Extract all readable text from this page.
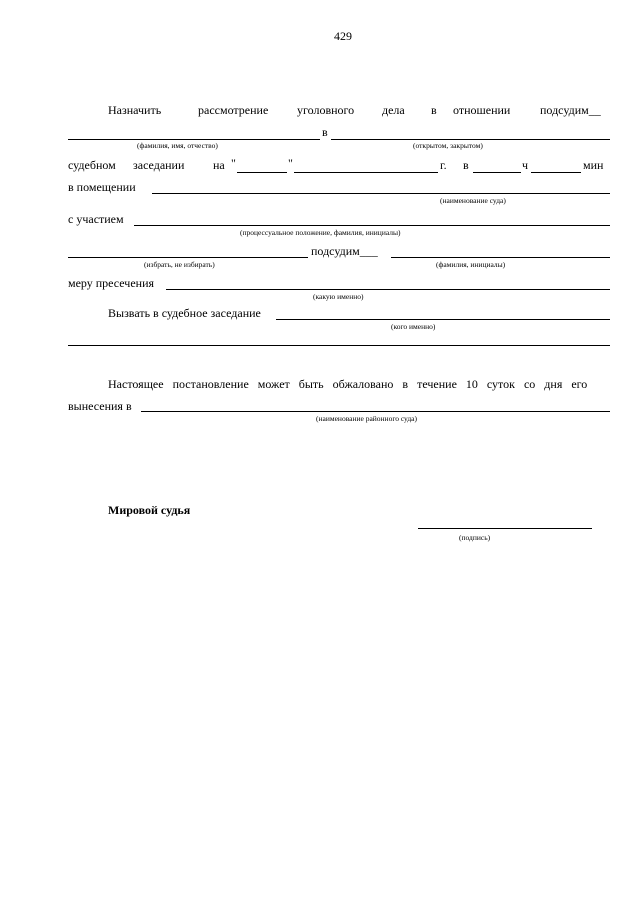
429
Назначить	рассмотрение уголовного дела в отношении подсудим__
в
(фамилия, имя, отчество)	(открытом, закрытом)
судебном заседании на "	"	г. в	ч	мин
в помещении
(наименование суда)
с участием
(процессуальное положение, фамилия, инициалы)
подсудим___
(избрать, не избирать)	(фамилия, инициалы)
меру пресечения
(какую именно)
Вызвать в судебное заседание
(кого именно)
Настоящее постановление может быть обжаловано в течение 10 суток со дня его
вынесения в
(наименование районного суда)
Мировой судья
(подпись)
